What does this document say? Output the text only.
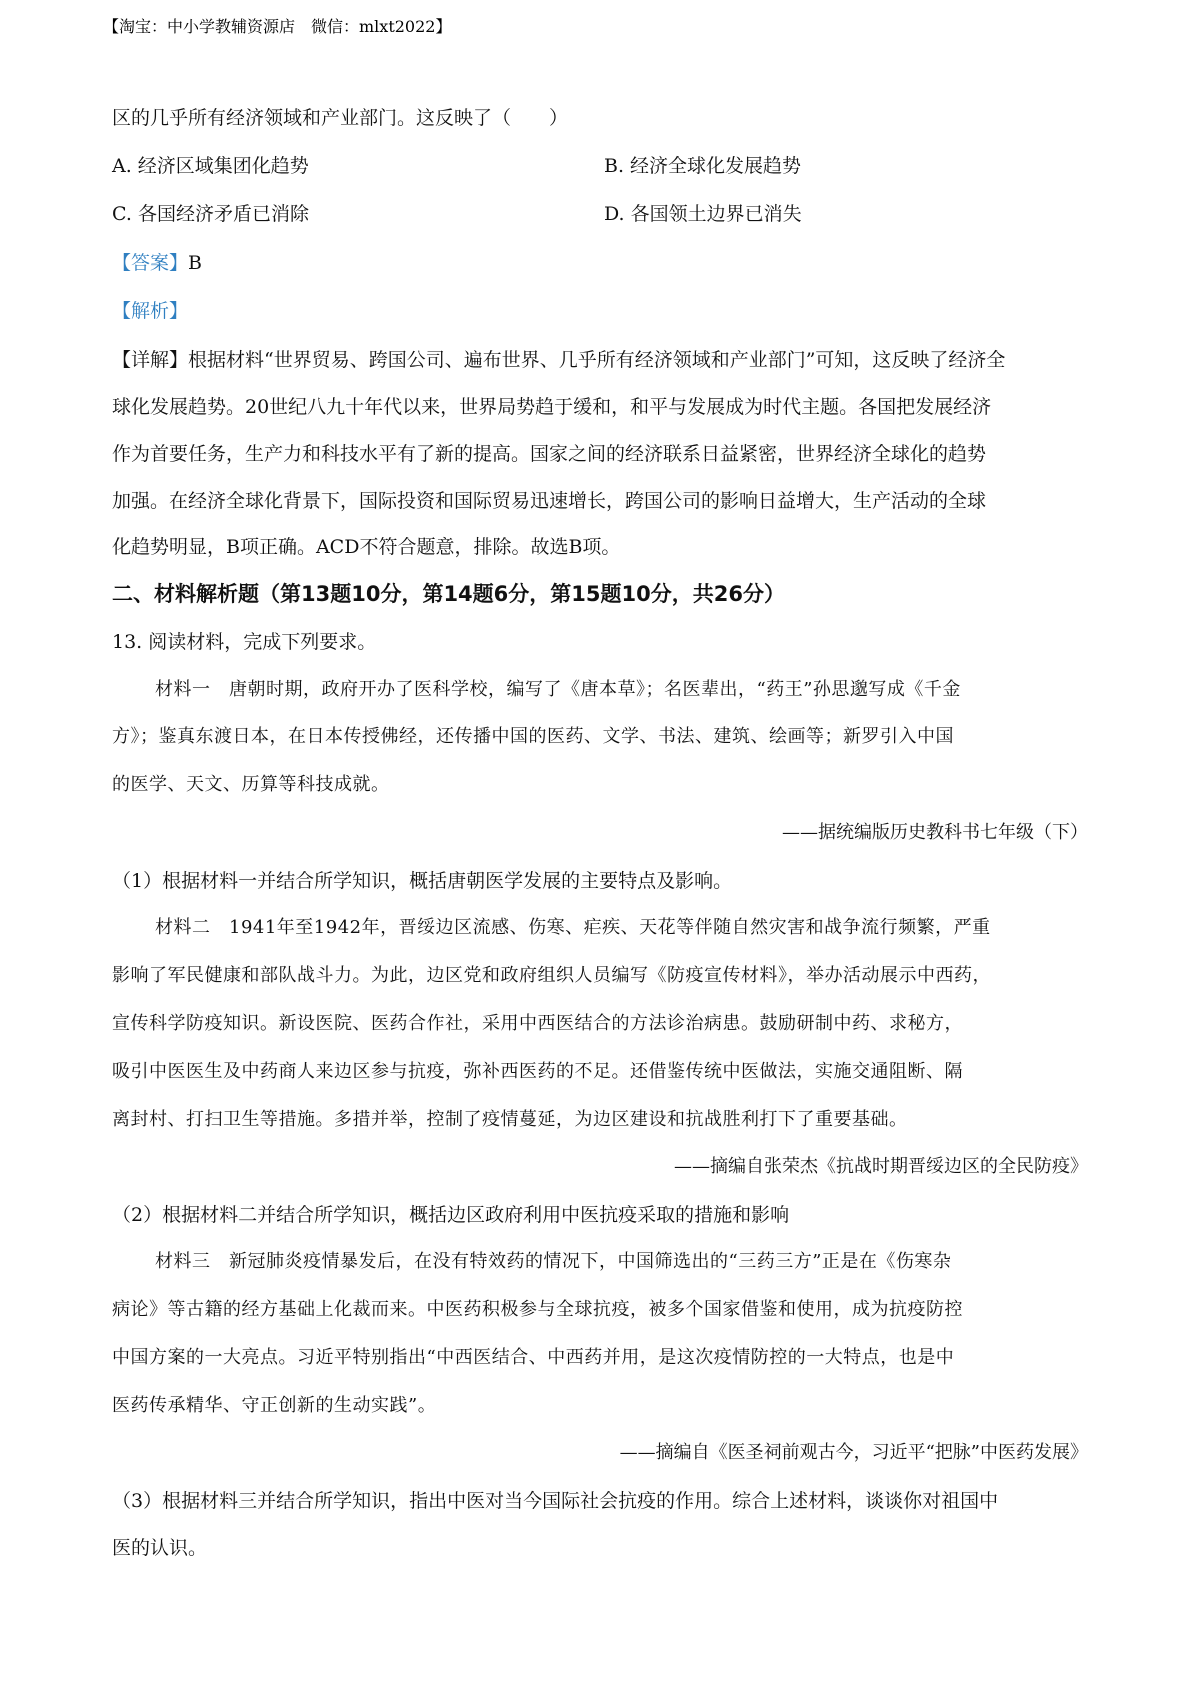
【淘宝：中小学教辅资源店　微信：mlxt2022】
区的几乎所有经济领域和产业部门。这反映了（　　）
A. 经济区域集团化趋势	B. 经济全球化发展趋势
C. 各国经济矛盾已消除	D. 各国领土边界已消失
【答案】B
【解析】
【详解】根据材料“世界贸易、跨国公司、遍布世界、几乎所有经济领域和产业部门”可知，这反映了经济全
球化发展趋势。20世纪八九十年代以来，世界局势趋于缓和，和平与发展成为时代主题。各国把发展经济
作为首要任务，生产力和科技水平有了新的提高。国家之间的经济联系日益紧密，世界经济全球化的趋势
加强。在经济全球化背景下，国际投资和国际贸易迅速增长，跨国公司的影响日益增大，生产活动的全球
化趋势明显，B项正确。ACD不符合题意，排除。故选B项。
二、材料解析题（第13题10分，第14题6分，第15题10分，共26分）
13. 阅读材料，完成下列要求。
材料一　唐朝时期，政府开办了医科学校，编写了《唐本草》；名医辈出，“药王”孙思邈写成《千金
方》；鉴真东渡日本，在日本传授佛经，还传播中国的医药、文学、书法、建筑、绘画等；新罗引入中国
的医学、天文、历算等科技成就。
——据统编版历史教科书七年级（下）
（1）根据材料一并结合所学知识，概括唐朝医学发展的主要特点及影响。
材料二　1941年至1942年，晋绥边区流感、伤寒、疟疾、天花等伴随自然灾害和战争流行频繁，严重
影响了军民健康和部队战斗力。为此，边区党和政府组织人员编写《防疫宣传材料》，举办活动展示中西药，
宣传科学防疫知识。新设医院、医药合作社，采用中西医结合的方法诊治病患。鼓励研制中药、求秘方，
吸引中医医生及中药商人来边区参与抗疫，弥补西医药的不足。还借鉴传统中医做法，实施交通阻断、隔
离封村、打扫卫生等措施。多措并举，控制了疫情蔓延，为边区建设和抗战胜利打下了重要基础。
——摘编自张荣杰《抗战时期晋绥边区的全民防疫》
（2）根据材料二并结合所学知识，概括边区政府利用中医抗疫采取的措施和影响
材料三　新冠肺炎疫情暴发后，在没有特效药的情况下，中国筛选出的“三药三方”正是在《伤寒杂
病论》等古籍的经方基础上化裁而来。中医药积极参与全球抗疫，被多个国家借鉴和使用，成为抗疫防控
中国方案的一大亮点。习近平特别指出“中西医结合、中西药并用，是这次疫情防控的一大特点，也是中
医药传承精华、守正创新的生动实践”。
——摘编自《医圣祠前观古今，习近平“把脉”中医药发展》
（3）根据材料三并结合所学知识，指出中医对当今国际社会抗疫的作用。综合上述材料，谈谈你对祖国中
医的认识。
